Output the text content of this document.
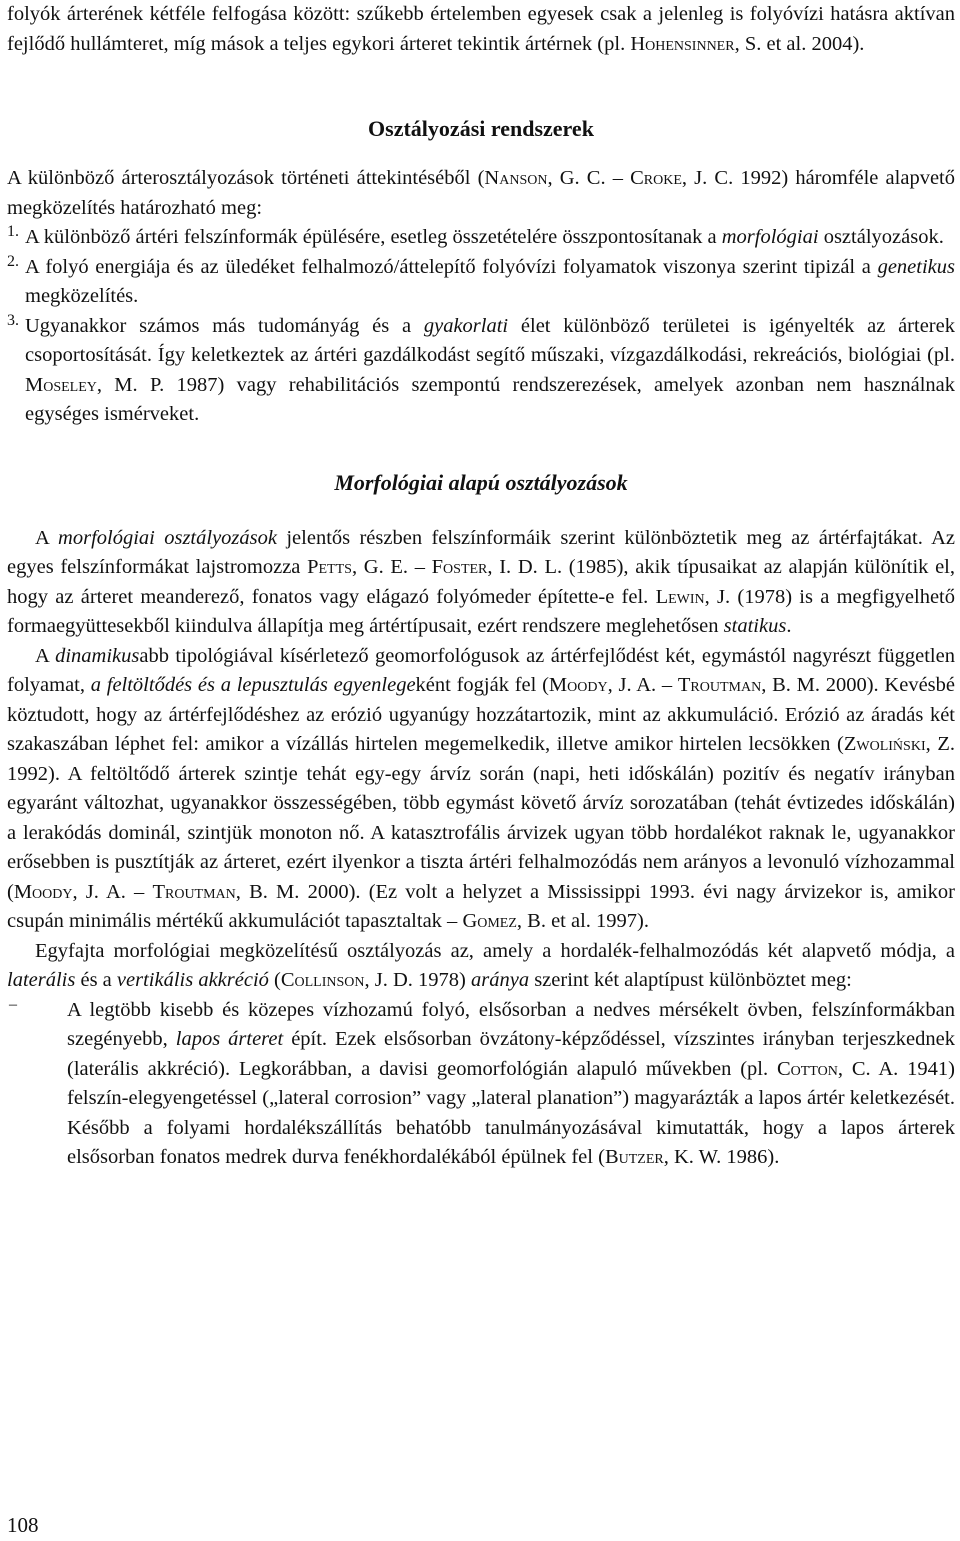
folyók árterének kétféle felfogása között: szűkebb értelemben egyesek csak a jelenleg is folyóvízi hatásra aktívan fejlődő hullámteret, míg mások a teljes egykori árteret tekintik ártérnek (pl. Hohensinner, S. et al. 2004).

Osztályozási rendszerek

A különböző árterosztályozások történeti áttekintéséből (Nanson, G. C. – Croke, J. C. 1992) háromféle alapvető megközelítés határozható meg:

1. A különböző ártéri felszínformák épülésére, esetleg összetételére összpontosítanak a morfológiai osztályozások.

2. A folyó energiája és az üledéket felhalmozó/áttelepítő folyóvízi folyamatok viszonya szerint tipizál a genetikus megközelítés.

3. Ugyanakkor számos más tudományág és a gyakorlati élet különböző területei is igényelték az árterek csoportosítását. Így keletkeztek az ártéri gazdálkodást segítő műszaki, vízgazdálkodási, rekreációs, biológiai (pl. Moseley, M. P. 1987) vagy rehabilitációs szempontú rendszerezések, amelyek azonban nem használnak egységes ismérveket.

Morfológiai alapú osztályozások

A morfológiai osztályozások jelentős részben felszínformáik szerint különböztetik meg az ártérfajtákat. Az egyes felszínformákat lajstromozza Petts, G. E. – Foster, I. D. L. (1985), akik típusaikat az alapján különítik el, hogy az árteret meanderező, fonatos vagy elágazó folyómeder építette-e fel. Lewin, J. (1978) is a megfigyelhető formaegyüttesekből kiindulva állapítja meg ártértípusait, ezért rendszere meglehetősen statikus.

A dinamikusabb tipológiával kísérletező geomorfológusok az ártérfejlődést két, egymástól nagyrészt független folyamat, a feltöltődés és a lepusztulás egyenlegeként fogják fel (Moody, J. A. – Troutman, B. M. 2000). Kevésbé köztudott, hogy az ártérfejlődéshez az erózió ugyanúgy hozzátartozik, mint az akkumuláció. Erózió az áradás két szakaszában léphet fel: amikor a vízállás hirtelen megemelkedik, illetve amikor hirtelen lecsökken (Zwoliński, Z. 1992). A feltöltődő árterek szintje tehát egy-egy árvíz során (napi, heti időskálán) pozitív és negatív irányban egyaránt változhat, ugyanakkor összességében, több egymást követő árvíz sorozatában (tehát évtizedes időskálán) a lerakódás dominál, szintjük monoton nő. A katasztrofális árvizek ugyan több hordalékot raknak le, ugyanakkor erősebben is pusztítják az árteret, ezért ilyenkor a tiszta ártéri felhalmozódás nem arányos a levonuló vízhozammal (Moody, J. A. – Troutman, B. M. 2000). (Ez volt a helyzet a Mississippi 1993. évi nagy árvizekor is, amikor csupán minimális mértékű akkumulációt tapasztaltak – Gomez, B. et al. 1997).

Egyfajta morfológiai megközelítésű osztályozás az, amely a hordalék-felhalmozódás két alapvető módja, a laterális és a vertikális akkréció (Collinson, J. D. 1978) aránya szerint két alaptípust különböztet meg:

–	A legtöbb kisebb és közepes vízhozamú folyó, elsősorban a nedves mérsékelt övben, felszínformákban szegényebb, lapos árteret épít. Ezek elsősorban övzátony-képződéssel, vízszintes irányban terjeszkednek (laterális akkréció). Legkorábban, a davisi geomorfológián alapuló művekben (pl. Cotton, C. A. 1941) felszín-elegyengetéssel („lateral corrosion” vagy „lateral planation”) magyarázták a lapos ártér keletkezését. Később a folyami hordalékszállítás behatóbb tanulmányozásával kimutatták, hogy a lapos árterek elsősorban fonatos medrek durva fenékhordalékából épülnek fel (Butzer, K. W. 1986).

108
